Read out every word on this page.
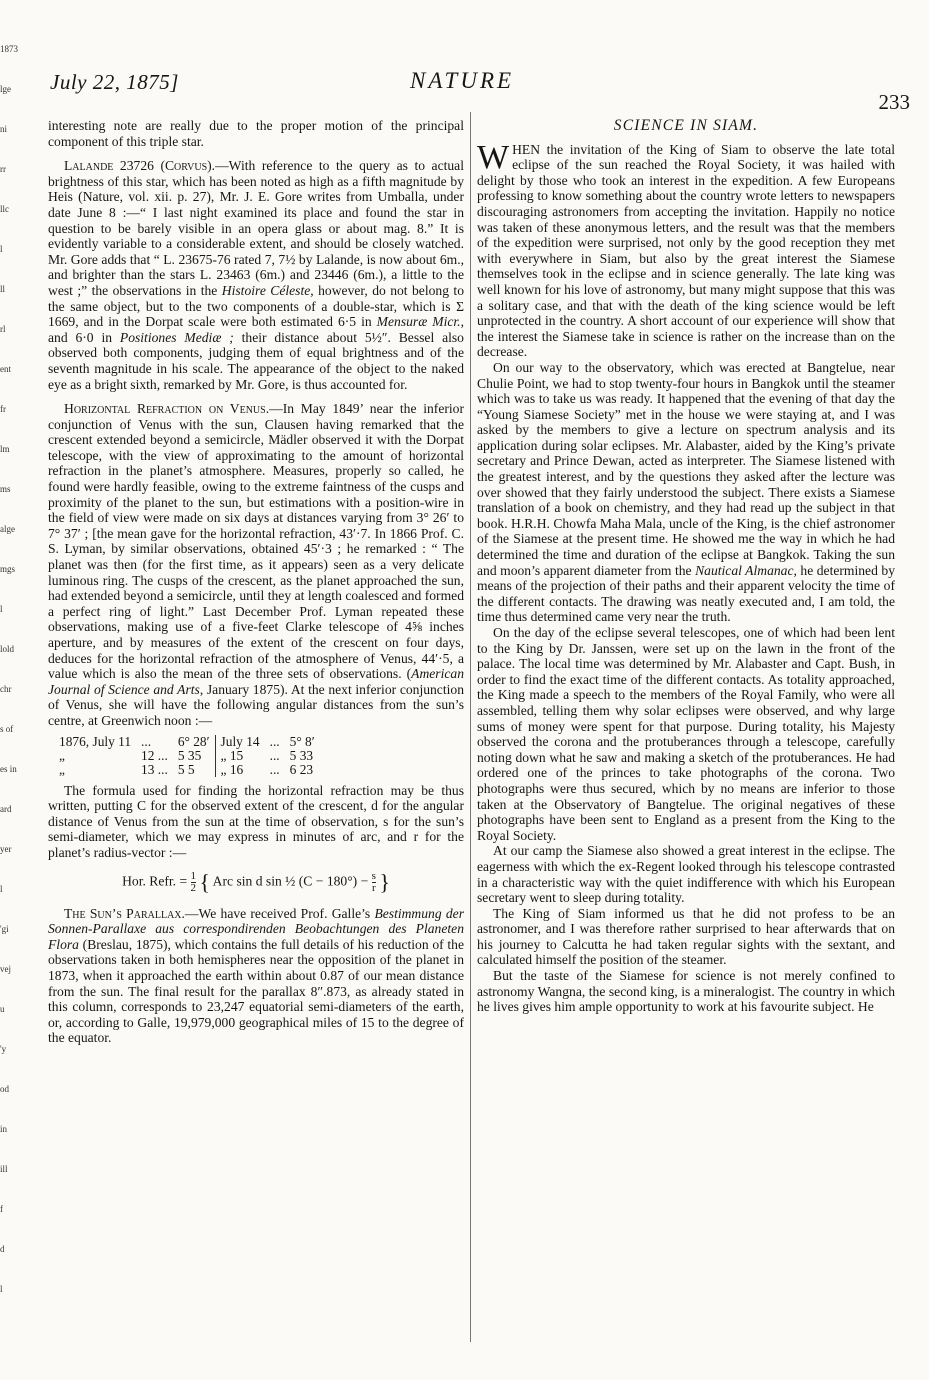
1873
lge
ni
rr
llc
l
ll
rl
ent
fr
lm
ms
alge
mgs
l
lold
chr
s of
es in
ard
yer
l
'gi
vej
u
'y
od
in
ill
f
d
l
July 22, 1875]	NATURE
233

interesting note are really due to the proper motion of the principal component of this triple star.

Lalande 23726 (Corvus).—With reference to the query as to actual brightness of this star, which has been noted as high as a fifth magnitude by Heis (Nature, vol. xii. p. 27), Mr. J. E. Gore writes from Umballa, under date June 8 :—“ I last night examined its place and found the star in question to be barely visible in an opera glass or about mag. 8.” It is evidently variable to a considerable extent, and should be closely watched. Mr. Gore adds that “ L. 23675-76 rated 7, 7½ by Lalande, is now about 6m., and brighter than the stars L. 23463 (6m.) and 23446 (6m.), a little to the west ;” the observations in the Histoire Céleste, however, do not belong to the same object, but to the two components of a double-star, which is Σ 1669, and in the Dorpat scale were both estimated 6·5 in Mensuræ Micr., and 6·0 in Positiones Mediæ ; their distance about 5½″. Bessel also observed both components, judging them of equal brightness and of the seventh magnitude in his scale. The appearance of the object to the naked eye as a bright sixth, remarked by Mr. Gore, is thus accounted for.

Horizontal Refraction on Venus.—In May 1849’ near the inferior conjunction of Venus with the sun, Clausen having remarked that the crescent extended beyond a semicircle, Mädler observed it with the Dorpat telescope, with the view of approximating to the amount of horizontal refraction in the planet’s atmosphere. Measures, properly so called, he found were hardly feasible, owing to the extreme faintness of the cusps and proximity of the planet to the sun, but estimations with a position-wire in the field of view were made on six days at distances varying from 3° 26′ to 7° 37′ ; [the mean gave for the horizontal refraction, 43′·7. In 1866 Prof. C. S. Lyman, by similar observations, obtained 45′·3 ; he remarked : “ The planet was then (for the first time, as it appears) seen as a very delicate luminous ring. The cusps of the crescent, as the planet approached the sun, had extended beyond a semicircle, until they at length coalesced and formed a perfect ring of light.” Last December Prof. Lyman repeated these observations, making use of a five-feet Clarke telescope of 4⅝ inches aperture, and by measures of the extent of the crescent on four days, deduces for the horizontal refraction of the atmosphere of Venus, 44′·5, a value which is also the mean of the three sets of observations. (American Journal of Science and Arts, January 1875). At the next inferior conjunction of Venus, she will have the following angular distances from the sun’s centre, at Greenwich noon :—

1876, July 11	...	6° 28′	July 14	...	5° 8′
„	12 ...	5 35	„ 15	...	5 33
„	13 ...	5 5	„ 16	...	6 23

The formula used for finding the horizontal refraction may be thus written, putting C for the observed extent of the crescent, d for the angular distance of Venus from the sun at the time of observation, s for the sun’s semi-diameter, which we may express in minutes of arc, and r for the planet’s radius-vector :—

Hor. Refr. = $\frac{1}{2}$ { Arc sin d sin ½ $(C - 180^\circ) - \frac{s}{r}$ }

The Sun’s Parallax.—We have received Prof. Galle’s Bestimmung der Sonnen-Parallaxe aus correspondirenden Beobachtungen des Planeten Flora (Breslau, 1875), which contains the full details of his reduction of the observations taken in both hemispheres near the opposition of the planet in 1873, when it approached the earth within about 0.87 of our mean distance from the sun. The final result for the parallax 8″.873, as already stated in this column, corresponds to 23,247 equatorial semi-diameters of the earth, or, according to Galle, 19,979,000 geographical miles of 15 to the degree of the equator.

SCIENCE IN SIAM.

WHEN the invitation of the King of Siam to observe the late total eclipse of the sun reached the Royal Society, it was hailed with delight by those who took an interest in the expedition. A few Europeans professing to know something about the country wrote letters to newspapers discouraging astronomers from accepting the invitation. Happily no notice was taken of these anonymous letters, and the result was that the members of the expedition were surprised, not only by the good reception they met with everywhere in Siam, but also by the great interest the Siamese themselves took in the eclipse and in science generally. The late king was well known for his love of astronomy, but many might suppose that this was a solitary case, and that with the death of the king science would be left unprotected in the country. A short account of our experience will show that the interest the Siamese take in science is rather on the increase than on the decrease.

On our way to the observatory, which was erected at Bangtelue, near Chulie Point, we had to stop twenty-four hours in Bangkok until the steamer which was to take us was ready. It happened that the evening of that day the “Young Siamese Society” met in the house we were staying at, and I was asked by the members to give a lecture on spectrum analysis and its application during solar eclipses. Mr. Alabaster, aided by the King’s private secretary and Prince Dewan, acted as interpreter. The Siamese listened with the greatest interest, and by the questions they asked after the lecture was over showed that they fairly understood the subject. There exists a Siamese translation of a book on chemistry, and they had read up the subject in that book. H.R.H. Chowfa Maha Mala, uncle of the King, is the chief astronomer of the Siamese at the present time. He showed me the way in which he had determined the time and duration of the eclipse at Bangkok. Taking the sun and moon’s apparent diameter from the Nautical Almanac, he determined by means of the projection of their paths and their apparent velocity the time of the different contacts. The drawing was neatly executed and, I am told, the time thus determined came very near the truth.

On the day of the eclipse several telescopes, one of which had been lent to the King by Dr. Janssen, were set up on the lawn in the front of the palace. The local time was determined by Mr. Alabaster and Capt. Bush, in order to find the exact time of the different contacts. As totality approached, the King made a speech to the members of the Royal Family, who were all assembled, telling them why solar eclipses were observed, and why large sums of money were spent for that purpose. During totality, his Majesty observed the corona and the protuberances through a telescope, carefully noting down what he saw and making a sketch of the protuberances. He had ordered one of the princes to take photographs of the corona. Two photographs were thus secured, which by no means are inferior to those taken at the Observatory of Bangtelue. The original negatives of these photographs have been sent to England as a present from the King to the Royal Society.

At our camp the Siamese also showed a great interest in the eclipse. The eagerness with which the ex-Regent looked through his telescope contrasted in a characteristic way with the quiet indifference with which his European secretary went to sleep during totality.

The King of Siam informed us that he did not profess to be an astronomer, and I was therefore rather surprised to hear afterwards that on his journey to Calcutta he had taken regular sights with the sextant, and calculated himself the position of the steamer.

But the taste of the Siamese for science is not merely confined to astronomy Wangna, the second king, is a mineralogist. The country in which he lives gives him ample opportunity to work at his favourite subject. He
